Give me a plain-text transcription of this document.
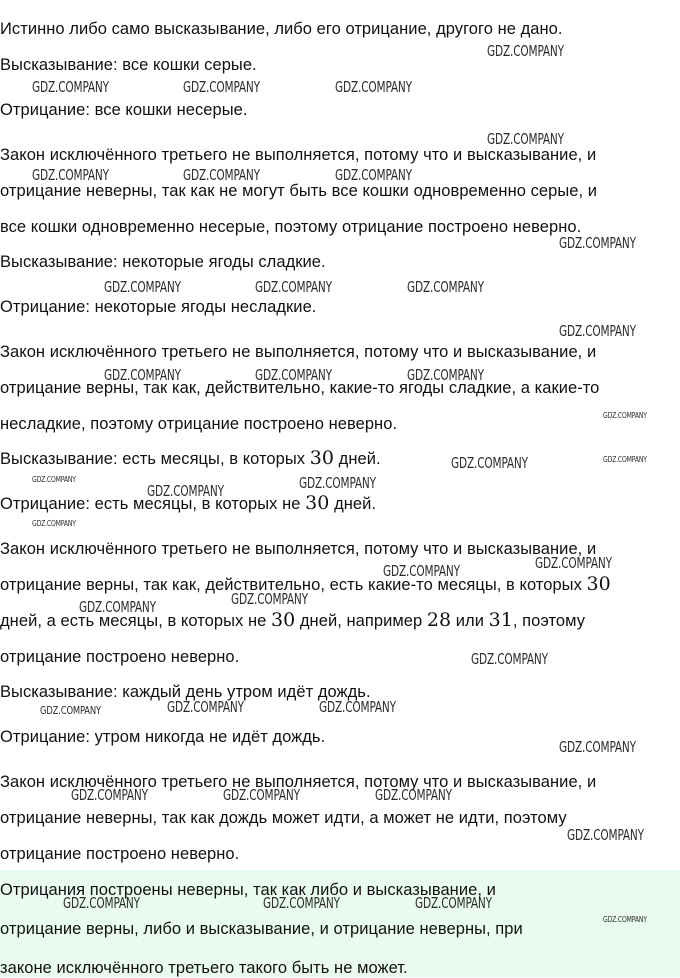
Истинно либо само высказывание, либо его отрицание, другого не дано.
Высказывание: все кошки серые.
Отрицание: все кошки несерые.
Закон исключённого третьего не выполняется, потому что и высказывание, и
отрицание неверны, так как не могут быть все кошки одновременно серые, и
все кошки одновременно несерые, поэтому отрицание построено неверно.
Высказывание: некоторые ягоды сладкие.
Отрицание: некоторые ягоды несладкие.
Закон исключённого третьего не выполняется, потому что и высказывание, и
отрицание верны, так как, действительно, какие-то ягоды сладкие, а какие-то
несладкие, поэтому отрицание построено неверно.
Высказывание: есть месяцы, в которых 30 дней.
Отрицание: есть месяцы, в которых не 30 дней.
Закон исключённого третьего не выполняется, потому что и высказывание, и
отрицание верны, так как, действительно, есть какие-то месяцы, в которых 30
дней, а есть месяцы, в которых не 30 дней, например 28 или 31, поэтому
отрицание построено неверно.
Высказывание: каждый день утром идёт дождь.
Отрицание: утром никогда не идёт дождь.
Закон исключённого третьего не выполняется, потому что и высказывание, и
отрицание неверны, так как дождь может идти, а может не идти, поэтому
отрицание построено неверно.
Отрицания построены неверны, так как либо и высказывание, и
отрицание верны, либо и высказывание, и отрицание неверны, при
законе исключённого третьего такого быть не может.
GDZ.COMPANY
GDZ.COMPANY	GDZ.COMPANY	GDZ.COMPANY
GDZ.COMPANY
GDZ.COMPANY	GDZ.COMPANY	GDZ.COMPANY
GDZ.COMPANY
GDZ.COMPANY	GDZ.COMPANY	GDZ.COMPANY
GDZ.COMPANY
GDZ.COMPANY	GDZ.COMPANY	GDZ.COMPANY
GDZ.COMPANY
GDZ.COMPANY	GDZ.COMPANY
GDZ.COMPANY	GDZ.COMPANY
GDZ.COMPANY
GDZ.COMPANY
GDZ.COMPANY
GDZ.COMPANY
GDZ.COMPANY
GDZ.COMPANY
GDZ.COMPANY
GDZ.COMPANY	GDZ.COMPANY
GDZ.COMPANY
GDZ.COMPANY
GDZ.COMPANY	GDZ.COMPANY	GDZ.COMPANY
GDZ.COMPANY
GDZ.COMPANY	GDZ.COMPANY	GDZ.COMPANY
GDZ.COMPANY
